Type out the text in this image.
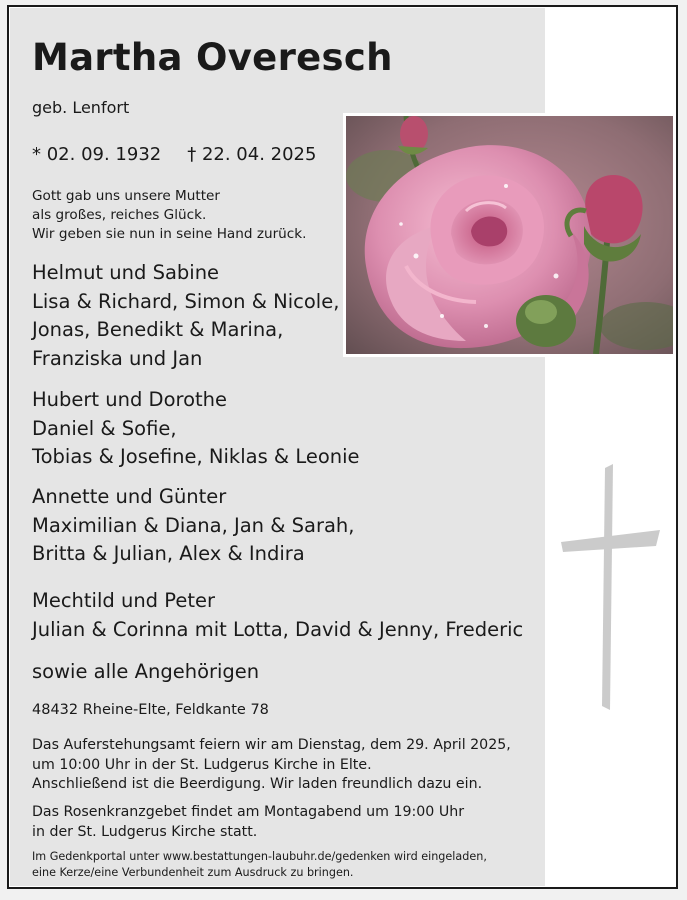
Martha Overesch

geb. Lenfort

* 02. 09. 1932 † 22. 04. 2025

Gott gab uns unsere Mutter
als großes, reiches Glück.
Wir geben sie nun in seine Hand zurück.

Helmut und Sabine
Lisa & Richard, Simon & Nicole,
Jonas, Benedikt & Marina,
Franziska und Jan

Hubert und Dorothe
Daniel & Sofie,
Tobias & Josefine, Niklas & Leonie

Annette und Günter
Maximilian & Diana, Jan & Sarah,
Britta & Julian, Alex & Indira

Mechtild und Peter
Julian & Corinna mit Lotta, David & Jenny, Frederic

sowie alle Angehörigen

48432 Rheine-Elte, Feldkante 78

Das Auferstehungsamt feiern wir am Dienstag, dem 29. April 2025,
um 10:00 Uhr in der St. Ludgerus Kirche in Elte.
Anschließend ist die Beerdigung. Wir laden freundlich dazu ein.

Das Rosenkranzgebet findet am Montagabend um 19:00 Uhr
in der St. Ludgerus Kirche statt.

Im Gedenkportal unter www.bestattungen-laubuhr.de/gedenken wird eingeladen,
eine Kerze/eine Verbundenheit zum Ausdruck zu bringen.
